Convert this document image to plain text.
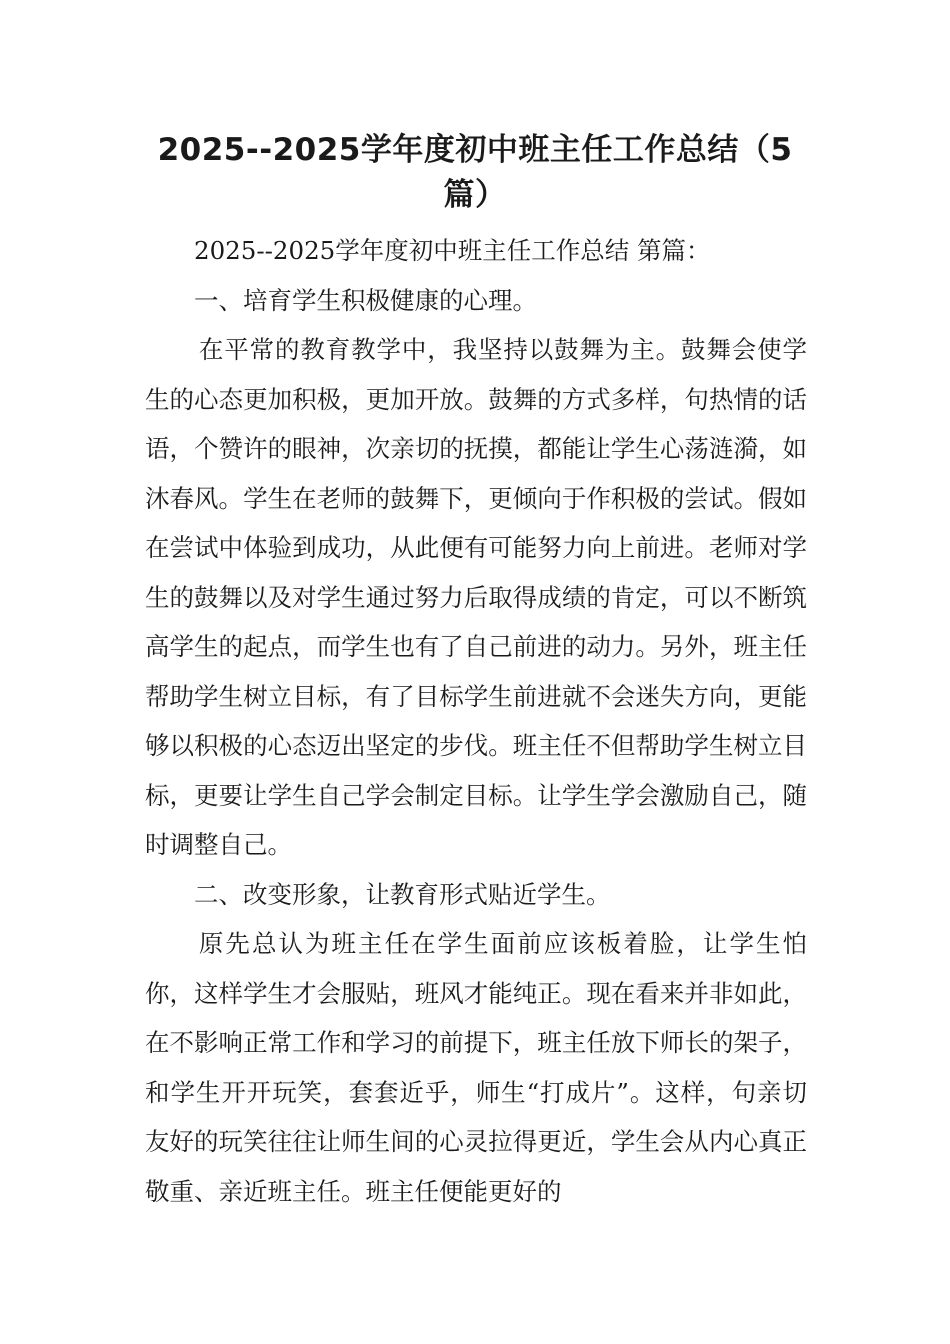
2025--2025学年度初中班主任工作总结（5篇）

2025--2025学年度初中班主任工作总结 第篇：

一、培育学生积极健康的心理。

在平常的教育教学中，我坚持以鼓舞为主。鼓舞会使学生的心态更加积极，更加开放。鼓舞的方式多样，句热情的话语，个赞许的眼神，次亲切的抚摸，都能让学生心荡涟漪，如沐春风。学生在老师的鼓舞下，更倾向于作积极的尝试。假如在尝试中体验到成功，从此便有可能努力向上前进。老师对学生的鼓舞以及对学生通过努力后取得成绩的肯定，可以不断筑高学生的起点，而学生也有了自己前进的动力。另外，班主任帮助学生树立目标，有了目标学生前进就不会迷失方向，更能够以积极的心态迈出坚定的步伐。班主任不但帮助学生树立目标，更要让学生自己学会制定目标。让学生学会激励自己，随时调整自己。

二、改变形象，让教育形式贴近学生。

原先总认为班主任在学生面前应该板着脸，让学生怕你，这样学生才会服贴，班风才能纯正。现在看来并非如此，在不影响正常工作和学习的前提下，班主任放下师长的架子，和学生开开玩笑，套套近乎，师生“打成片”。这样，句亲切友好的玩笑往往让师生间的心灵拉得更近，学生会从内心真正敬重、亲近班主任。班主任便能更好的
